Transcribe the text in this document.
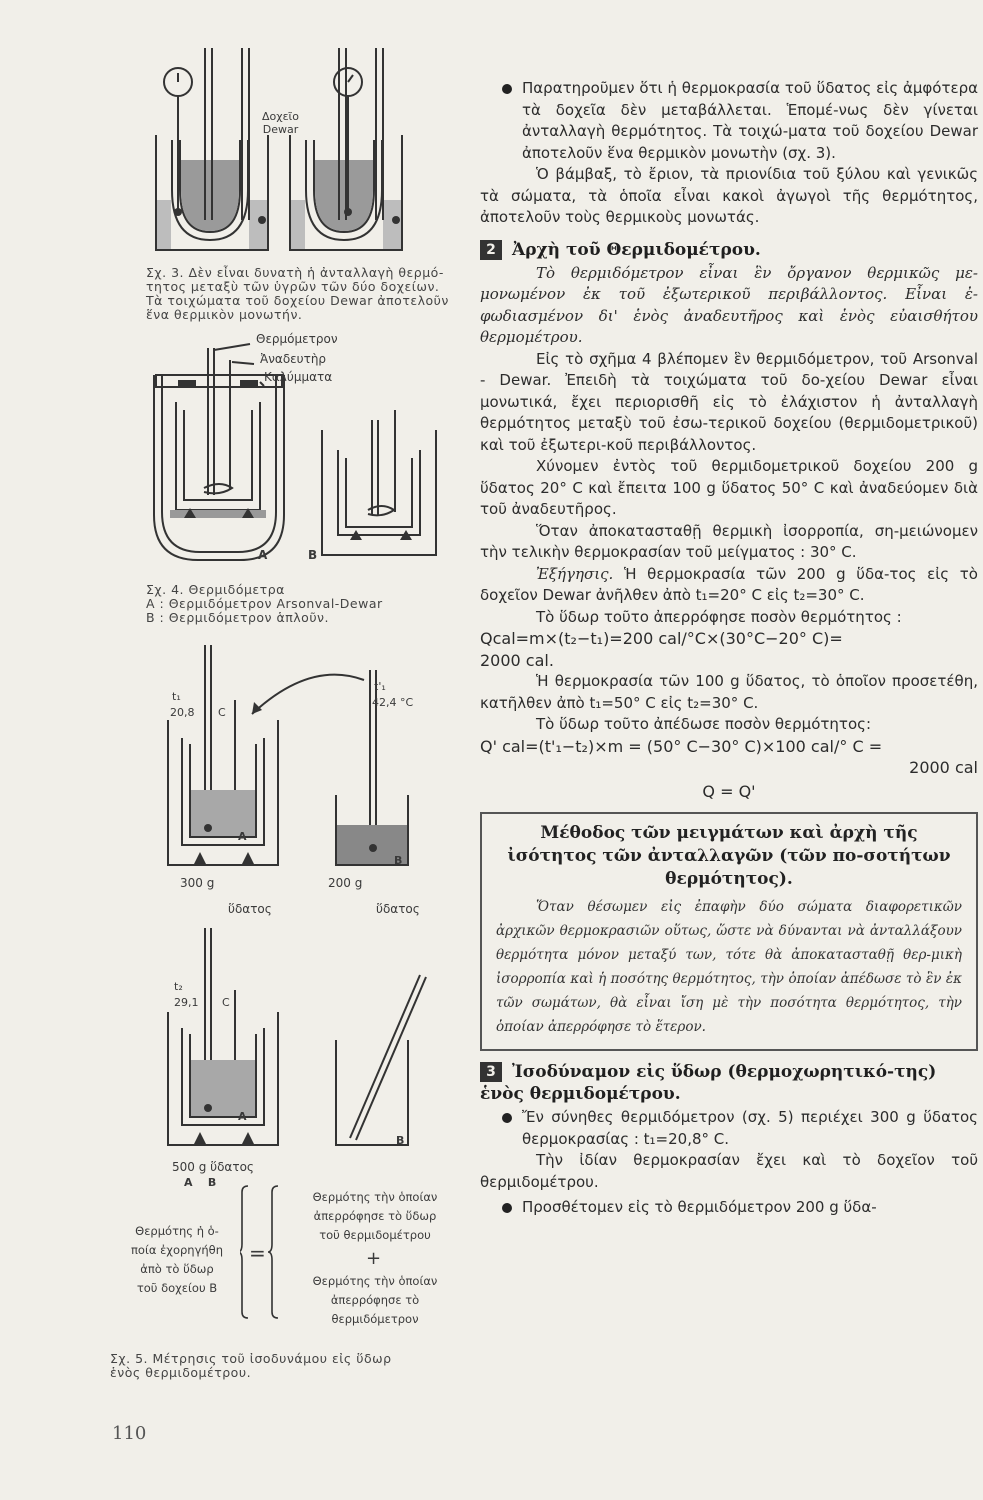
Δοχεῖο
Dewar
Σχ. 3. Δὲν εἶναι δυνατὴ ἡ ἀνταλλαγὴ θερμό-
τητος μεταξὺ τῶν ὑγρῶν τῶν δύο δοχείων.
Τὰ τοιχώματα τοῦ δοχείου Dewar ἀποτελοῦν
ἕνα θερμικὸν μονωτήν.
Θερμόμετρον
Ἀναδευτὴρ
Καλύμματα
A	B
Σχ. 4. Θερμιδόμετρα
A : Θερμιδόμετρον Arsonval-Dewar
B : Θερμιδόμετρον ἁπλοῦν.
t₁
20,8 C
t'₁
42,4 °C
A
B
300 g	200 g
ὕδατος	ὕδατος
t₂
29,1 C
A
B
500 g ὕδατος
A    B
Θερμότης ἡ ὁ-
ποία ἐχορηγήθη
ἀπὸ τὸ ὕδωρ
τοῦ δοχείου B
=
Θερμότης τὴν ὁποίαν
ἀπερρόφησε τὸ ὕδωρ
τοῦ θερμιδομέτρου
+
Θερμότης τὴν ὁποίαν
ἀπερρόφησε τὸ
θερμιδόμετρον
Σχ. 5. Μέτρησις τοῦ ἰσοδυνάμου εἰς ὕδωρ
ἑνὸς θερμιδομέτρου.
110

Παρατηροῦμεν ὅτι ἡ θερμοκρασία τοῦ ὕδατος εἰς ἀμφότερα τὰ δοχεῖα δὲν μεταβάλλεται. Ἑπομέ-νως δὲν γίνεται ἀνταλλαγὴ θερμότητος. Τὰ τοιχώ-ματα τοῦ δοχείου Dewar ἀποτελοῦν ἕνα θερμικὸν μονωτὴν (σχ. 3).

Ὁ βάμβαξ, τὸ ἔριον, τὰ πριονίδια τοῦ ξύλου καὶ γενικῶς τὰ σώματα, τὰ ὁποῖα εἶναι κακοὶ ἀγωγοὶ τῆς θερμότητος, ἀποτελοῦν τοὺς θερμικοὺς μονωτάς.

2 Ἀρχὴ τοῦ Θερμιδομέτρου.

Τὸ θερμιδόμετρον εἶναι ἓν ὄργανον θερμικῶς με-μονωμένον ἐκ τοῦ ἐξωτερικοῦ περιβάλλοντος. Εἶναι ἐ-φωδιασμένον δι' ἑνὸς ἀναδευτῆρος καὶ ἑνὸς εὐαισθήτου θερμομέτρου.

Εἰς τὸ σχῆμα 4 βλέπομεν ἓν θερμιδόμετρον, τοῦ Arsonval - Dewar. Ἐπειδὴ τὰ τοιχώματα τοῦ δο-χείου Dewar εἶναι μονωτικά, ἔχει περιορισθῆ εἰς τὸ ἐλάχιστον ἡ ἀνταλλαγὴ θερμότητος μεταξὺ τοῦ ἐσω-τερικοῦ δοχείου (θερμιδομετρικοῦ) καὶ τοῦ ἐξωτερι-κοῦ περιβάλλοντος.

Χύνομεν ἐντὸς τοῦ θερμιδομετρικοῦ δοχείου 200 g ὕδατος 20° C καὶ ἔπειτα 100 g ὕδατος 50° C καὶ ἀναδεύομεν διὰ τοῦ ἀναδευτῆρος.

Ὅταν ἀποκατασταθῇ θερμικὴ ἰσορροπία, ση-μειώνομεν τὴν τελικὴν θερμοκρασίαν τοῦ μείγματος : 30° C.

Ἐξήγησις. Ἡ θερμοκρασία τῶν 200 g ὕδα-τος εἰς τὸ δοχεῖον Dewar ἀνῆλθεν ἀπὸ t₁=20° C εἰς t₂=30° C.

Τὸ ὕδωρ τοῦτο ἀπερρόφησε ποσὸν θερμότητος :

Qcal=m×(t₂−t₁)=200 cal/°C×(30°C−20° C)=

2000 cal.

Ἡ θερμοκρασία τῶν 100 g ὕδατος, τὸ ὁποῖον προσετέθη, κατῆλθεν ἀπὸ t₁=50° C εἰς t₂=30° C.

Τὸ ὕδωρ τοῦτο ἀπέδωσε ποσὸν θερμότητος:

Q' cal=(t'₁−t₂)×m = (50° C−30° C)×100 cal/° C =

2000 cal

Q = Q'

Μέθοδος τῶν μειγμάτων καὶ ἀρχὴ τῆς ἰσότητος τῶν ἀνταλλαγῶν (τῶν πο-σοτήτων θερμότητος).

Ὅταν θέσωμεν εἰς ἐπαφὴν δύο σώματα διαφορετικῶν ἀρχικῶν θερμοκρασιῶν οὕτως, ὥστε νὰ δύνανται νὰ ἀνταλλάξουν θερμότητα μόνον μεταξύ των, τότε θὰ ἀποκατασταθῇ θερ-μικὴ ἰσορροπία καὶ ἡ ποσότης θερμότητος, τὴν ὁποίαν ἀπέδωσε τὸ ἓν ἐκ τῶν σωμάτων, θὰ εἶναι ἴση μὲ τὴν ποσότητα θερμότητος, τὴν ὁποίαν ἀπερρόφησε τὸ ἕτερον.

3 Ἰσοδύναμον εἰς ὕδωρ (θερμοχωρητικό-της) ἑνὸς θερμιδομέτρου.

Ἔν σύνηθες θερμιδόμετρον (σχ. 5) περιέχει 300 g ὕδατος θερμοκρασίας : t₁=20,8° C.

Τὴν ἰδίαν θερμοκρασίαν ἔχει καὶ τὸ δοχεῖον τοῦ θερμιδομέτρου.

Προσθέτομεν εἰς τὸ θερμιδόμετρον 200 g ὕδα-
